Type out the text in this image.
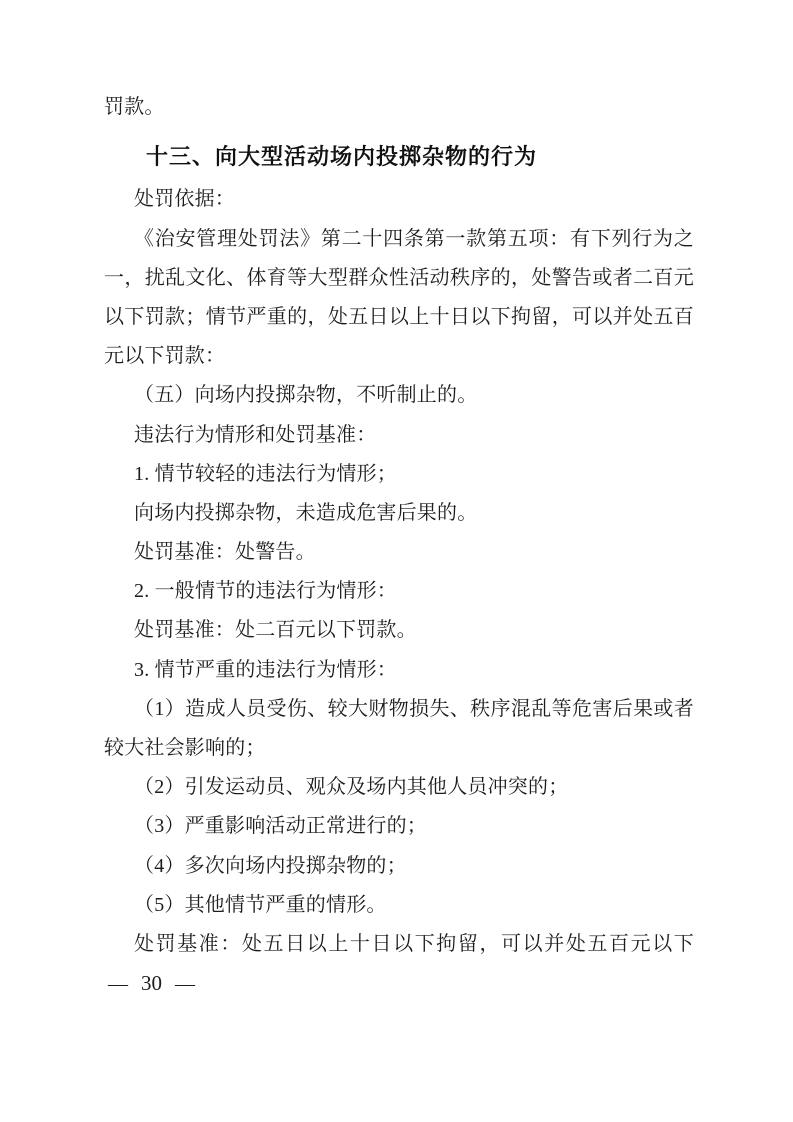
罚款。
十三、向大型活动场内投掷杂物的行为
处罚依据：
《治安管理处罚法》第二十四条第一款第五项：有下列行为之
一，扰乱文化、体育等大型群众性活动秩序的，处警告或者二百元
以下罚款；情节严重的，处五日以上十日以下拘留，可以并处五百
元以下罚款：
（五）向场内投掷杂物，不听制止的。
违法行为情形和处罚基准：
1. 情节较轻的违法行为情形；
向场内投掷杂物，未造成危害后果的。
处罚基准：处警告。
2. 一般情节的违法行为情形：
处罚基准：处二百元以下罚款。
3. 情节严重的违法行为情形：
（1）造成人员受伤、较大财物损失、秩序混乱等危害后果或者
较大社会影响的；
（2）引发运动员、观众及场内其他人员冲突的；
（3）严重影响活动正常进行的；
（4）多次向场内投掷杂物的；
（5）其他情节严重的情形。
处罚基准：处五日以上十日以下拘留，可以并处五百元以下
— 30 —
